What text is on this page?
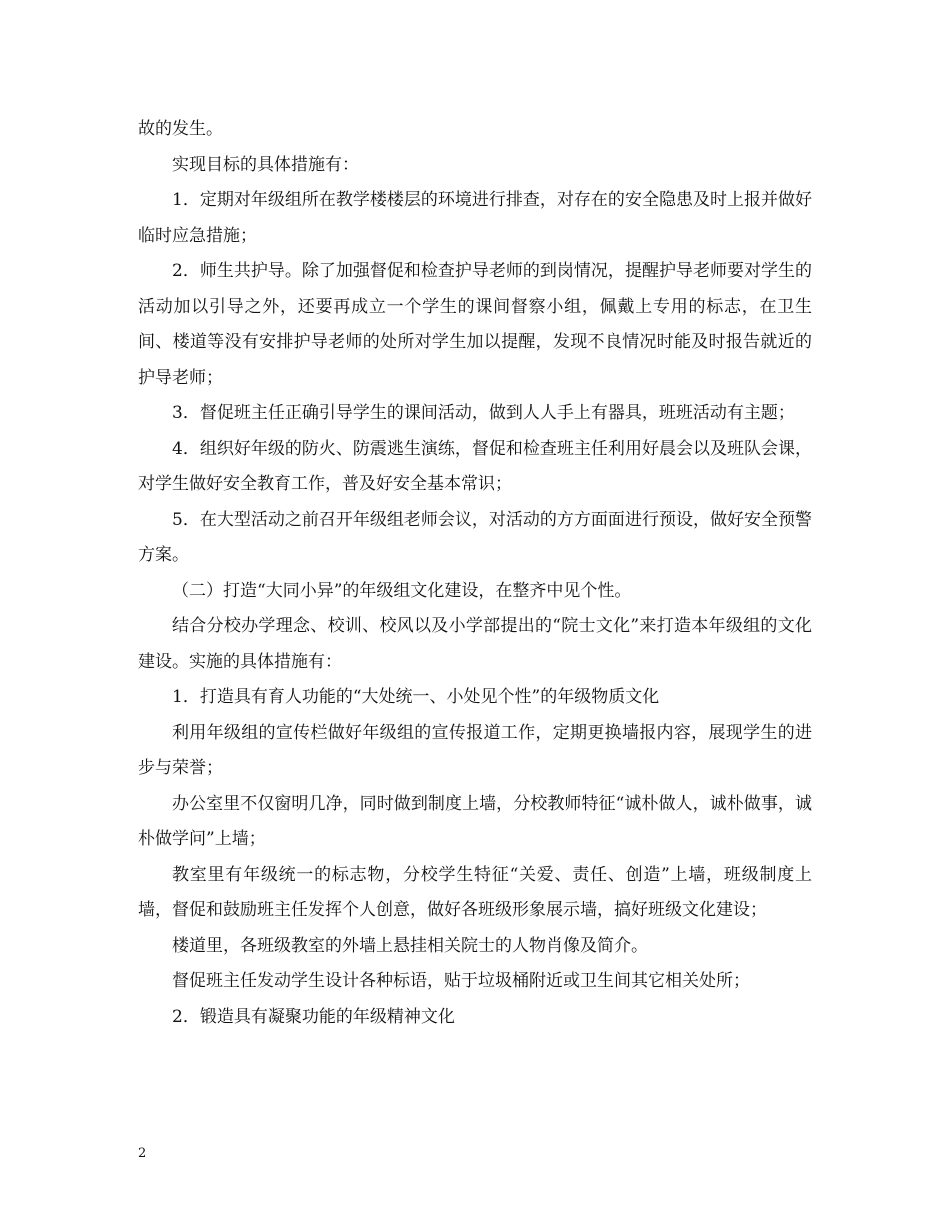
故的发生。

实现目标的具体措施有：

1．定期对年级组所在教学楼楼层的环境进行排查，对存在的安全隐患及时上报并做好临时应急措施；

2．师生共护导。除了加强督促和检查护导老师的到岗情况，提醒护导老师要对学生的活动加以引导之外，还要再成立一个学生的课间督察小组，佩戴上专用的标志，在卫生间、楼道等没有安排护导老师的处所对学生加以提醒，发现不良情况时能及时报告就近的护导老师；

3．督促班主任正确引导学生的课间活动，做到人人手上有器具，班班活动有主题；

4．组织好年级的防火、防震逃生演练，督促和检查班主任利用好晨会以及班队会课，对学生做好安全教育工作，普及好安全基本常识；

5．在大型活动之前召开年级组老师会议，对活动的方方面面进行预设，做好安全预警方案。

（二）打造“大同小异”的年级组文化建设，在整齐中见个性。

结合分校办学理念、校训、校风以及小学部提出的“院士文化”来打造本年级组的文化建设。实施的具体措施有：

1．打造具有育人功能的“大处统一、小处见个性”的年级物质文化

利用年级组的宣传栏做好年级组的宣传报道工作，定期更换墙报内容，展现学生的进步与荣誉；

办公室里不仅窗明几净，同时做到制度上墙，分校教师特征“诚朴做人，诚朴做事，诚朴做学问”上墙；

教室里有年级统一的标志物，分校学生特征“关爱、责任、创造”上墙，班级制度上墙，督促和鼓励班主任发挥个人创意，做好各班级形象展示墙，搞好班级文化建设；

楼道里，各班级教室的外墙上悬挂相关院士的人物肖像及简介。

督促班主任发动学生设计各种标语，贴于垃圾桶附近或卫生间其它相关处所；

2．锻造具有凝聚功能的年级精神文化

2
